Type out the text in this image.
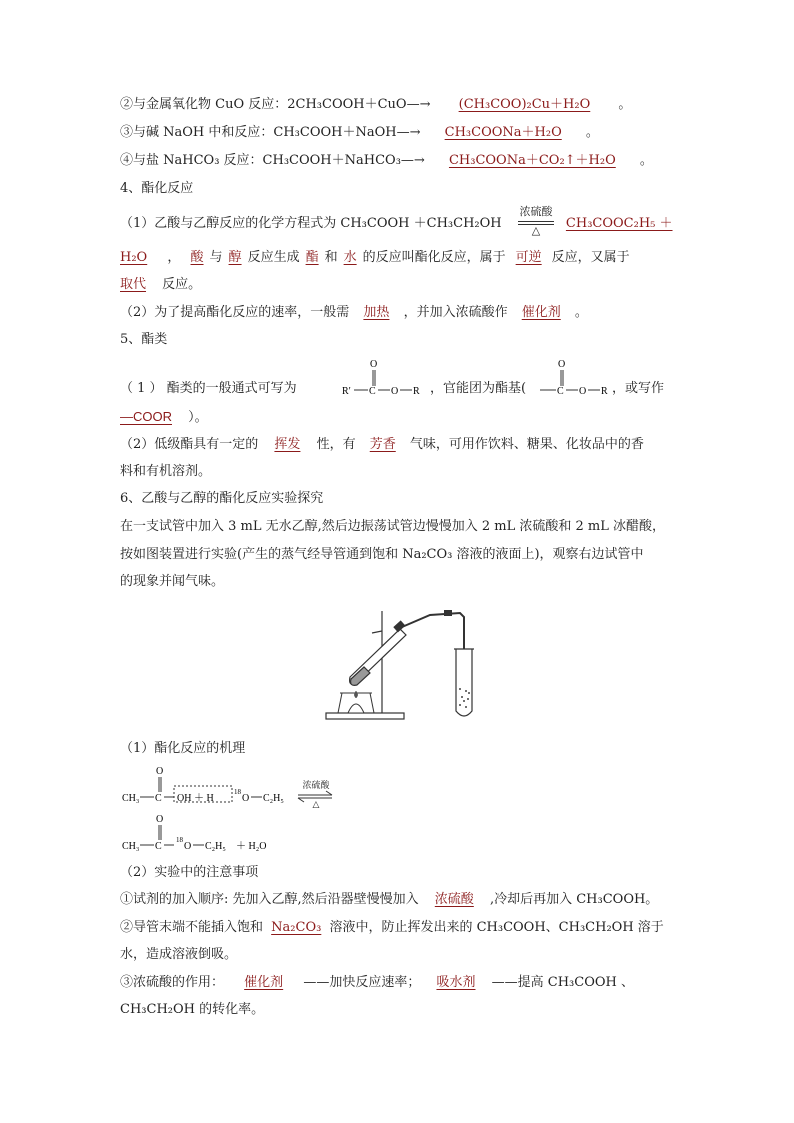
②与金属氧化物 CuO 反应：2CH₃COOH＋CuO—→ (CH₃COO)₂Cu＋H₂O 。
③与碱 NaOH 中和反应：CH₃COOH＋NaOH—→ CH₃COONa＋H₂O 。
④与盐 NaHCO₃ 反应：CH₃COOH＋NaHCO₃—→ CH₃COONa＋CO₂↑＋H₂O 。
4、酯化反应
（1）乙酸与乙醇反应的化学方程式为 CH₃COOH ＋CH₃CH₂OH	CH₃COOC₂H₅ ＋
浓硫酸
△
H₂O ， 酸 与 醇 反应生成 酯 和 水 的反应叫酯化反应，属于 可逆 反应，又属于
取代 反应。
（2）为了提高酯化反应的速率，一般需 加热 ，并加入浓硫酸作 催化剂 。
5、酯类
（ 1 ） 酯类的一般通式可写为
O
R′ C O R ，官能团为酯基(
O
C O R ，或写作
—COOR ）。
（2）低级酯具有一定的 挥发 性，有 芳香 气味，可用作饮料、糖果、化妆品中的香
料和有机溶剂。
6、乙酸与乙醇的酯化反应实验探究
在一支试管中加入 3 mL 无水乙醇,然后边振荡试管边慢慢加入 2 mL 浓硫酸和 2 mL 冰醋酸，
按如图装置进行实验(产生的蒸气经导管通到饱和 Na₂CO₃ 溶液的液面上)，观察右边试管中
的现象并闻气味。
（1）酯化反应的机理
O
CH₃ C OH ＋ H
18
O C₂H₅
浓硫酸
△
O
CH₃ C
18
O C₂H₅ ＋ H₂O
（2）实验中的注意事项
①试剂的加入顺序: 先加入乙醇,然后沿器壁慢慢加入 浓硫酸 ,冷却后再加入 CH₃COOH。
②导管末端不能插入饱和 Na₂CO₃ 溶液中，防止挥发出来的 CH₃COOH、CH₃CH₂OH 溶于
水，造成溶液倒吸。
③浓硫酸的作用： 催化剂 ——加快反应速率； 吸水剂 ——提高 CH₃COOH 、
CH₃CH₂OH 的转化率。
